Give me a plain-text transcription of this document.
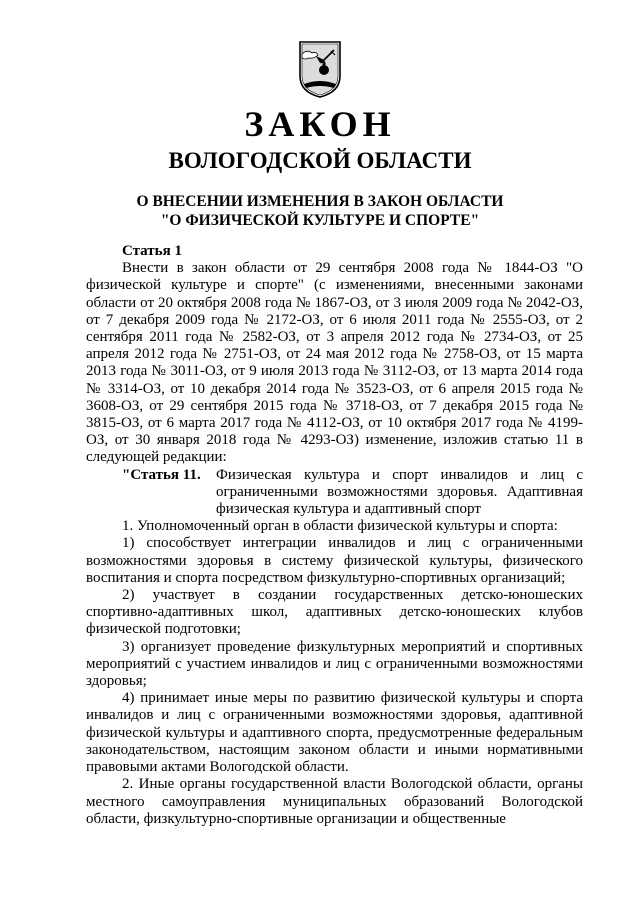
ЗАКОН
ВОЛОГОДСКОЙ ОБЛАСТИ
О ВНЕСЕНИИ ИЗМЕНЕНИЯ В ЗАКОН ОБЛАСТИ
"О ФИЗИЧЕСКОЙ КУЛЬТУРЕ И СПОРТЕ"

Статья 1

Внести в закон области от 29 сентября 2008 года № 1844-ОЗ "О физической культуре и спорте" (с изменениями, внесенными законами области от 20 октября 2008 года № 1867-ОЗ, от 3 июля 2009 года № 2042-ОЗ, от 7 декабря 2009 года № 2172-ОЗ, от 6 июля 2011 года № 2555-ОЗ, от 2 сентября 2011 года № 2582-ОЗ, от 3 апреля 2012 года № 2734-ОЗ, от 25 апреля 2012 года № 2751-ОЗ, от 24 мая 2012 года № 2758-ОЗ, от 15 марта 2013 года № 3011-ОЗ, от 9 июля 2013 года № 3112-ОЗ, от 13 марта 2014 года № 3314-ОЗ, от 10 декабря 2014 года № 3523-ОЗ, от 6 апреля 2015 года № 3608-ОЗ, от 29 сентября 2015 года № 3718-ОЗ, от 7 декабря 2015 года № 3815-ОЗ, от 6 марта 2017 года № 4112-ОЗ, от 10 октября 2017 года № 4199-ОЗ, от 30 января 2018 года № 4293-ОЗ) изменение, изложив статью 11 в следующей редакции:

"Статья 11.	Физическая культура и спорт инвалидов и лиц с ограниченными возможностями здоровья. Адаптивная физическая культура и адаптивный спорт

1. Уполномоченный орган в области физической культуры и спорта:

1) способствует интеграции инвалидов и лиц с ограниченными возможностями здоровья в систему физической культуры, физического воспитания и спорта посредством физкультурно-спортивных организаций;

2) участвует в создании государственных детско-юношеских спортивно-адаптивных школ, адаптивных детско-юношеских клубов физической подготовки;

3) организует проведение физкультурных мероприятий и спортивных мероприятий с участием инвалидов и лиц с ограниченными возможностями здоровья;

4) принимает иные меры по развитию физической культуры и спорта инвалидов и лиц с ограниченными возможностями здоровья, адаптивной физической культуры и адаптивного спорта, предусмотренные федеральным законодательством, настоящим законом области и иными нормативными правовыми актами Вологодской области.

2. Иные органы государственной власти Вологодской области, органы местного самоуправления муниципальных образований Вологодской области, физкультурно-спортивные организации и общественные
